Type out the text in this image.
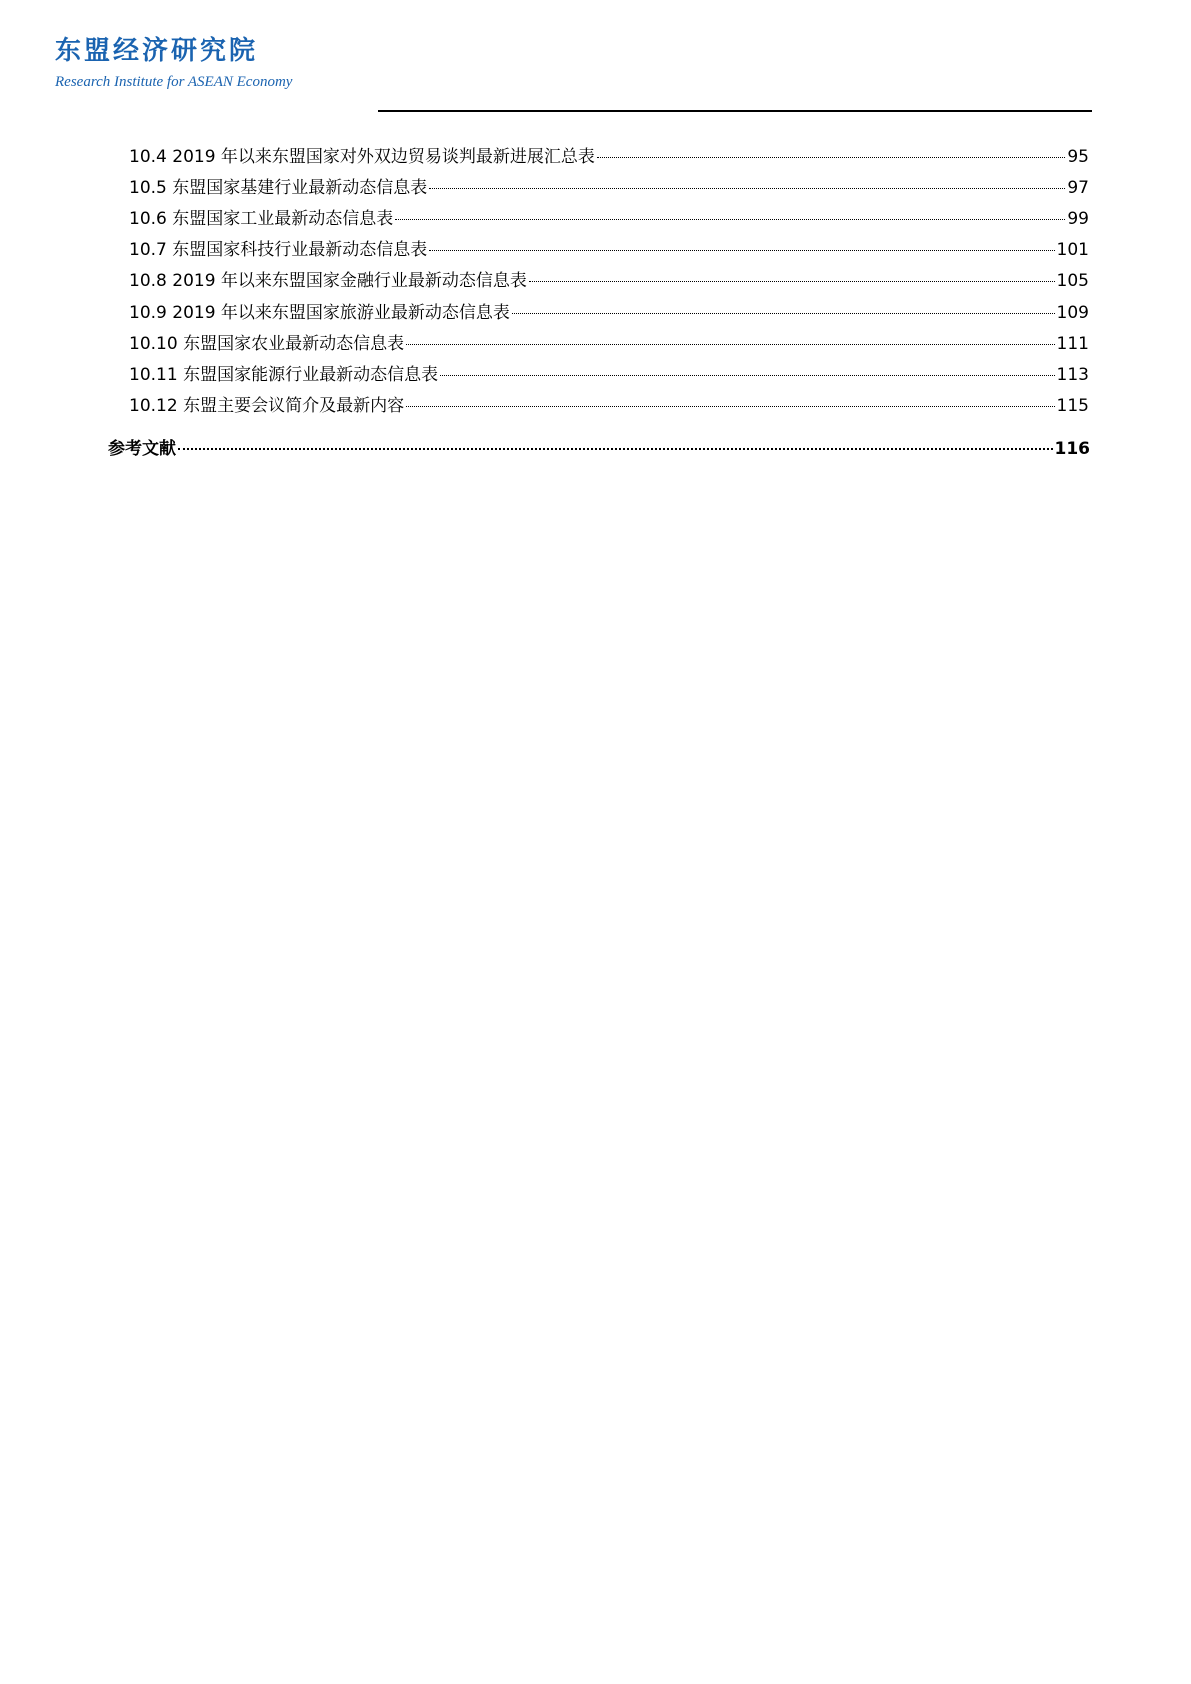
东盟经济研究院
Research Institute for ASEAN Economy
10.4 2019 年以来东盟国家对外双边贸易谈判最新进展汇总表	95
10.5 东盟国家基建行业最新动态信息表	97
10.6 东盟国家工业最新动态信息表	99
10.7 东盟国家科技行业最新动态信息表	101
10.8 2019 年以来东盟国家金融行业最新动态信息表	105
10.9 2019 年以来东盟国家旅游业最新动态信息表	109
10.10 东盟国家农业最新动态信息表	111
10.11 东盟国家能源行业最新动态信息表	113
10.12 东盟主要会议简介及最新内容	115
参考文献	116
